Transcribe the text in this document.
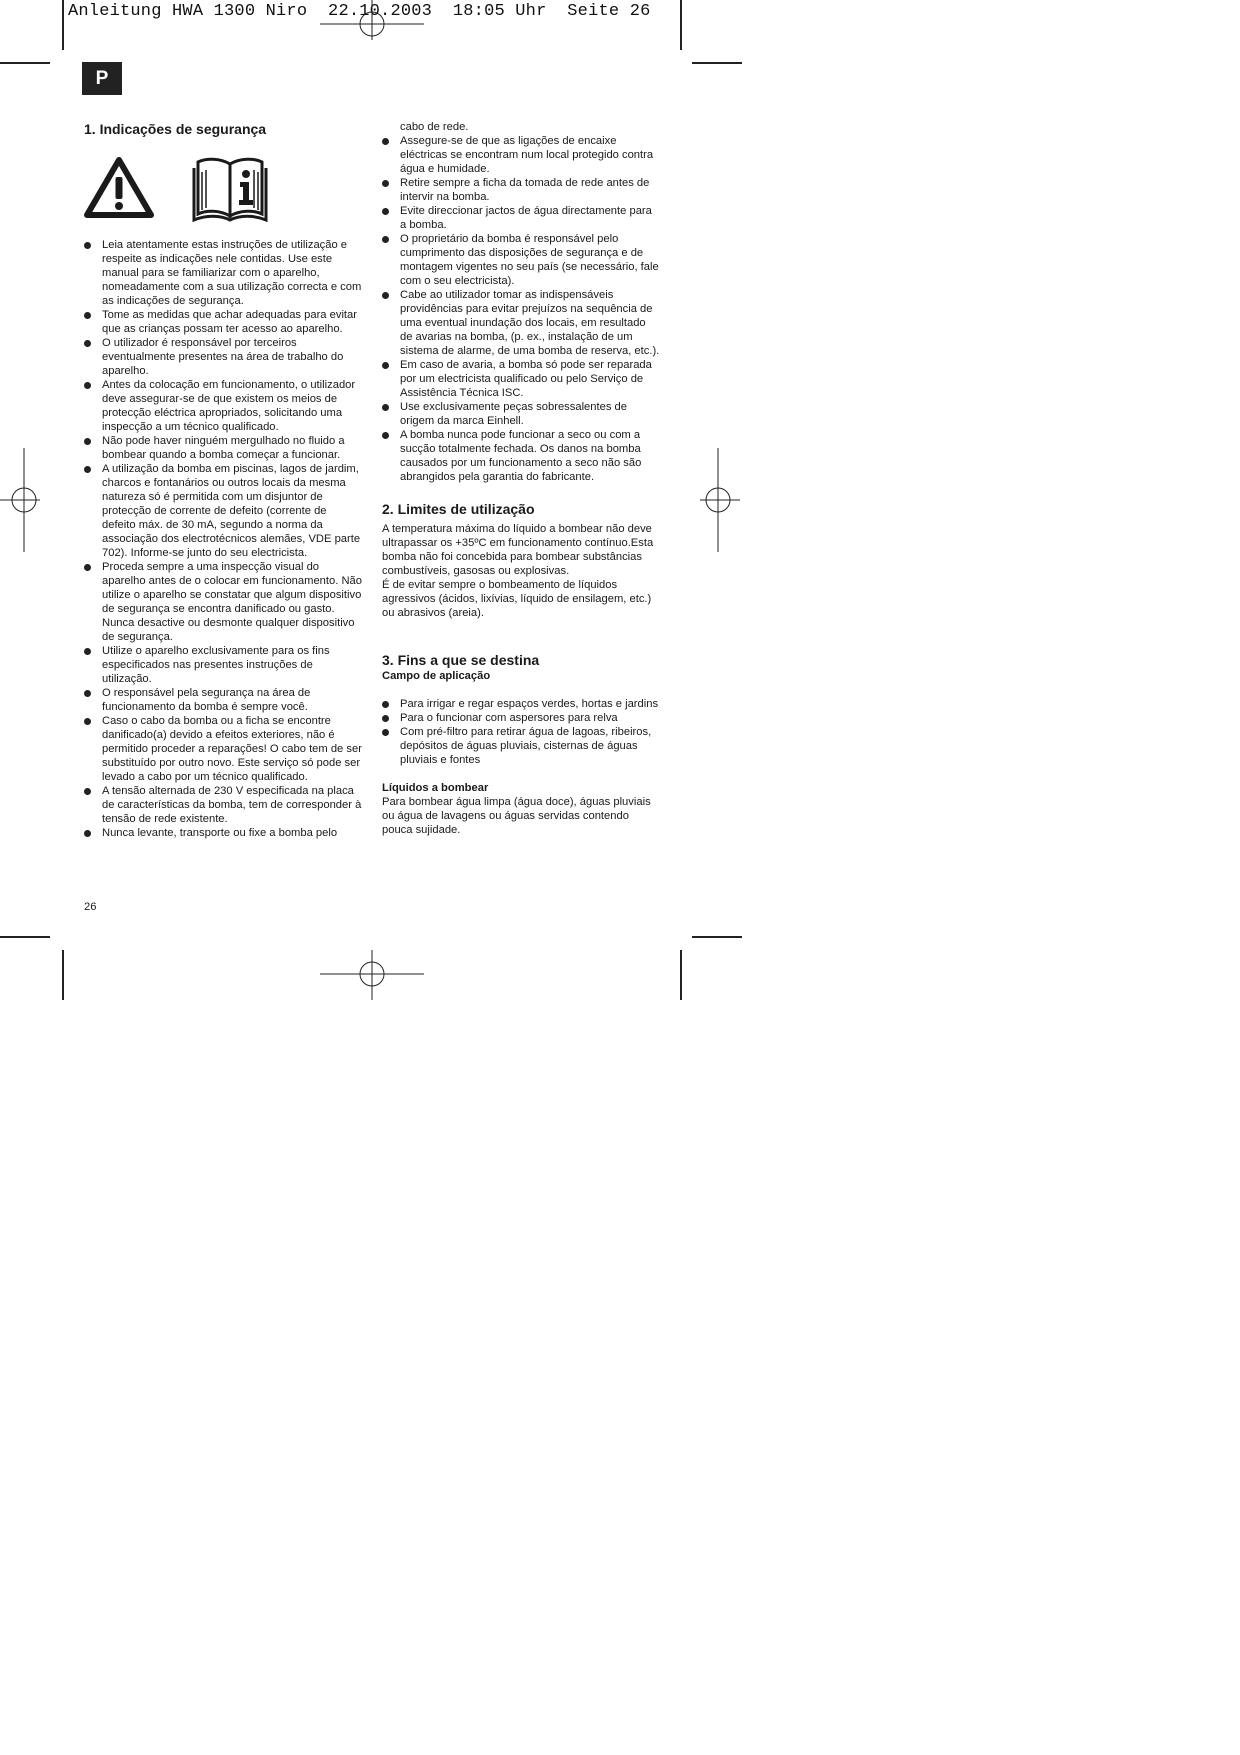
Anleitung HWA 1300 Niro  22.10.2003  18:05 Uhr  Seite 26
P
1. Indicações de segurança
Leia atentamente estas instruções de utilização e respeite as indicações nele contidas. Use este manual para se familiarizar com o aparelho, nomeadamente com a sua utilização correcta e com as indicações de segurança.
Tome as medidas que achar adequadas para evitar que as crianças possam ter acesso ao aparelho.
O utilizador é responsável por terceiros eventualmente presentes na área de trabalho do aparelho.
Antes da colocação em funcionamento, o utilizador deve assegurar-se de que existem os meios de protecção eléctrica apropriados, solicitando uma inspecção a um técnico qualificado.
Não pode haver ninguém mergulhado no fluido a bombear quando a bomba começar a funcionar.
A utilização da bomba em piscinas, lagos de jardim, charcos e fontanários ou outros locais da mesma natureza só é permitida com um disjuntor de protecção de corrente de defeito (corrente de defeito máx. de 30 mA, segundo a norma da associação dos electrotécnicos alemães, VDE parte 702). Informe-se junto do seu electricista.
Proceda sempre a uma inspecção visual do aparelho antes de o colocar em funcionamento. Não utilize o aparelho se constatar que algum dispositivo de segurança se encontra danificado ou gasto. Nunca desactive ou desmonte qualquer dispositivo de segurança.
Utilize o aparelho exclusivamente para os fins especificados nas presentes instruções de utilização.
O responsável pela segurança na área de funcionamento da bomba é sempre você.
Caso o cabo da bomba ou a ficha se encontre danificado(a) devido a efeitos exteriores, não é permitido proceder a reparações! O cabo tem de ser substituído por outro novo. Este serviço só pode ser levado a cabo por um técnico qualificado.
A tensão alternada de 230 V especificada na placa de características da bomba, tem de corresponder à tensão de rede existente.
Nunca levante, transporte ou fixe a bomba pelo

cabo de rede.

Assegure-se de que as ligações de encaixe eléctricas se encontram num local protegido contra água e humidade.
Retire sempre a ficha da tomada de rede antes de intervir na bomba.
Evite direccionar jactos de água directamente para a bomba.
O proprietário da bomba é responsável pelo cumprimento das disposições de segurança e de montagem vigentes no seu país (se necessário, fale com o seu electricista).
Cabe ao utilizador tomar as indispensáveis providências para evitar prejuízos na sequência de uma eventual inundação dos locais, em resultado de avarias na bomba, (p. ex., instalação de um sistema de alarme, de uma bomba de reserva, etc.).
Em caso de avaria, a bomba só pode ser reparada por um electricista qualificado ou pelo Serviço de Assistência Técnica ISC.
Use exclusivamente peças sobressalentes de origem da marca Einhell.
A bomba nunca pode funcionar a seco ou com a sucção totalmente fechada. Os danos na bomba causados por um funcionamento a seco não são abrangidos pela garantia do fabricante.
2. Limites de utilização

A temperatura máxima do líquido a bombear não deve ultrapassar os +35ºC em funcionamento contínuo.Esta bomba não foi concebida para bombear substâncias combustíveis, gasosas ou explosivas.

É de evitar sempre o bombeamento de líquidos agressivos (ácidos, lixívias, líquido de ensilagem, etc.) ou abrasivos (areia).

3. Fins a que se destina

Campo de aplicação

Para irrigar e regar espaços verdes, hortas e jardins
Para o funcionar com aspersores para relva
Com pré-filtro para retirar água de lagoas, ribeiros, depósitos de águas pluviais, cisternas de águas pluviais e fontes

Líquidos a bombear

Para bombear água limpa (água doce), águas pluviais ou água de lavagens ou águas servidas contendo pouca sujidade.

26
